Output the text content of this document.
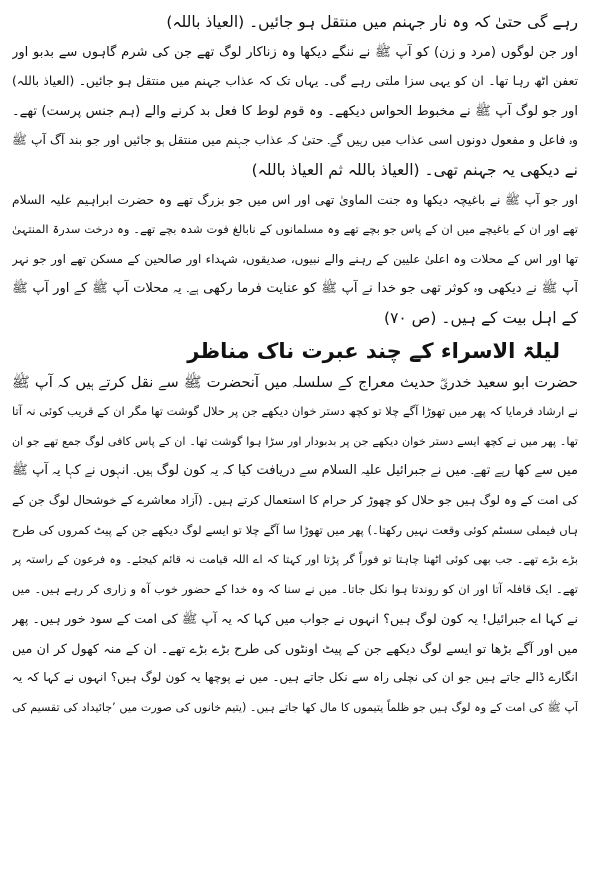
رہے گی حتیٰ کہ وہ نار جہنم میں منتقل ہو جائیں۔ (العیاذ باللہ)
اور جن لوگوں (مرد و زن) کو آپ ﷺ نے ننگے دیکھا وہ زناکار لوگ تھے جن کی شرم گاہوں سے بدبو اور
تعفن اٹھ رہا تھا۔ ان کو یہی سزا ملتی رہے گی۔ یہاں تک کہ عذاب جہنم میں منتقل ہو جائیں۔ (العیاذ باللہ)
اور جو لوگ آپ ﷺ نے مخبوط الحواس دیکھے۔ وہ قوم لوط کا فعل بد کرنے والے (ہم جنس پرست) تھے۔
وہ فاعل و مفعول دونوں اسی عذاب میں رہیں گے۔ حتیٰ کہ عذاب جہنم میں منتقل ہو جائیں اور جو بند آگ آپ ﷺ
نے دیکھی یہ جہنم تھی۔ (العیاذ باللہ ثم العیاذ باللہ)
اور جو آپ ﷺ نے باغیچہ دیکھا وہ جنت الماویٰ تھی اور اس میں جو بزرگ تھے وہ حضرت ابراہیم علیہ السلام
تھے اور ان کے باغیچے میں ان کے پاس جو بچے تھے وہ مسلمانوں کے نابالغ فوت شدہ بچے تھے۔ وہ درخت سدرۃ المنتہیٰ
تھا اور اس کے محلات وہ اعلیٰ علیین کے رہنے والے نبیوں، صدیقوں، شہداء اور صالحین کے مسکن تھے اور جو نہر
آپ ﷺ نے دیکھی وہ کوثر تھی جو خدا نے آپ ﷺ کو عنایت فرما رکھی ہے۔ یہ محلات آپ ﷺ کے اور آپ ﷺ
کے اہل بیت کے ہیں۔ (ص ۷۰)
لیلۃ الاسراء کے چند عبرت ناک مناظر
حضرت ابو سعید خدریؓ حدیث معراج کے سلسلہ میں آنحضرت ﷺ سے نقل کرتے ہیں کہ آپ ﷺ
نے ارشاد فرمایا کہ پھر میں تھوڑا آگے چلا تو کچھ دستر خوان دیکھے جن پر حلال گوشت تھا مگر ان کے قریب کوئی نہ آتا
تھا۔ پھر میں نے کچھ ایسے دستر خوان دیکھے جن پر بدبودار اور سڑا ہوا گوشت تھا۔ ان کے پاس کافی لوگ جمع تھے جو ان
میں سے کھا رہے تھے۔ میں نے جبرائیل علیہ السلام سے دریافت کیا کہ یہ کون لوگ ہیں۔ انہوں نے کہا یہ آپ ﷺ
کی امت کے وہ لوگ ہیں جو حلال کو چھوڑ کر حرام کا استعمال کرتے ہیں۔ (آزاد معاشرے کے خوشحال لوگ جن کے
ہاں فیملی سسٹم کوئی وقعت نہیں رکھتا۔) پھر میں تھوڑا سا آگے چلا تو ایسے لوگ دیکھے جن کے پیٹ کمروں کی طرح
بڑے بڑے تھے۔ جب بھی کوئی اٹھنا چاہتا تو فوراً گر پڑتا اور کہتا کہ اے اللہ قیامت نہ قائم کیجئے۔ وہ فرعون کے راستہ پر
تھے۔ ایک قافلہ آتا اور ان کو روندتا ہوا نکل جاتا۔ میں نے سنا کہ وہ خدا کے حضور خوب آہ و زاری کر رہے ہیں۔ میں
نے کہا اے جبرائیل! یہ کون لوگ ہیں؟ انہوں نے جواب میں کہا کہ یہ آپ ﷺ کی امت کے سود خور ہیں۔ پھر
میں اور آگے بڑھا تو ایسے لوگ دیکھے جن کے پیٹ اونٹوں کی طرح بڑے بڑے تھے۔ ان کے منہ کھول کر ان میں
انگارے ڈالے جاتے ہیں جو ان کی نچلی راہ سے نکل جاتے ہیں۔ میں نے پوچھا یہ کون لوگ ہیں؟ انہوں نے کہا کہ یہ
آپ ﷺ کی امت کے وہ لوگ ہیں جو ظلماً یتیموں کا مال کھا جاتے ہیں۔ (یتیم خانوں کی صورت میں ’جائیداد کی تقسیم کی
